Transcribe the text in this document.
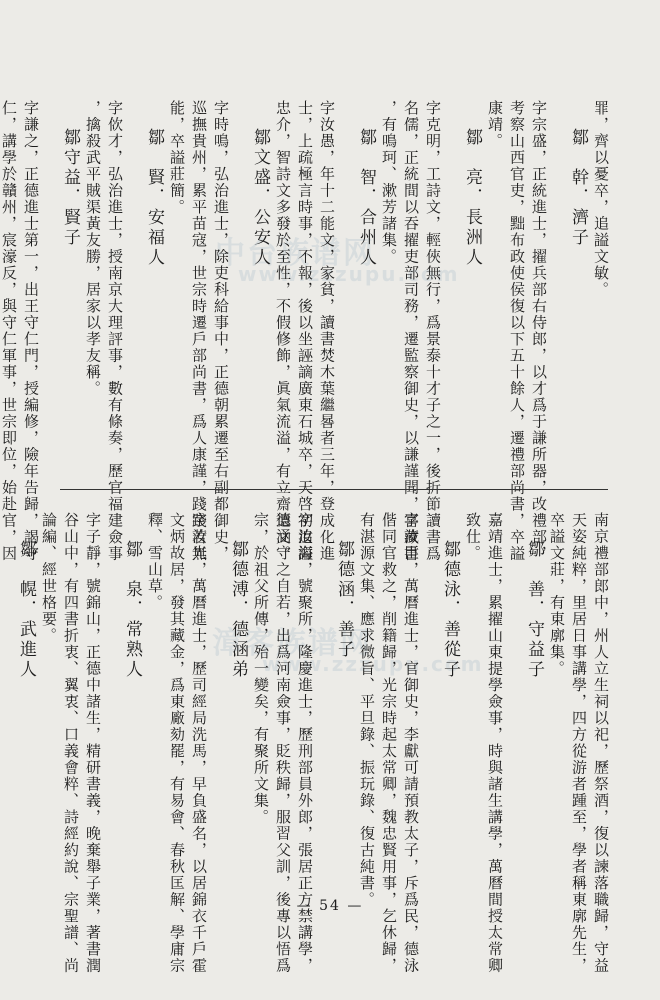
中台族谱网
www.zzzupu.com
漳客族谱网
www.zzzupu.com
罪，齊以憂卒，追謚文敏。
鄒　幹．濟子
字宗盛，正統進士，擢兵部右侍郎，以才爲于謙所器，改禮部，
考察山西官吏，黜布政使侯復以下五十餘人，遷禮部尚書，卒謚
康靖。
鄒　亮．長洲人
字克明，工詩文，輕俠無行，爲景泰十才子之一，後折節讀書爲
名儒，正統間以吞擢吏部司務，遷監察御史，以謙謹聞，喜藏書
，有鳴珂、漱芳諸集。
鄒　智．合州人
字汝愚，年十二能文，家貧，讀書焚木葉繼晷者三年，登成化進
士，上疏極言時事，不報，後以坐誣謫廣東石城卒，天啓初追謚
忠介，智詩文多發於至性，不假修飾，眞氣流溢，有立齋遺文。
鄒文盛．公安人
字時鳴，弘治進士，除吏科給事中，正德朝累遷至右副都御史，
巡撫貴州，累平苗寇，世宗時遷戶部尚書，爲人康謹，踐踐若無
能，卒謚莊簡。
鄒　賢．安福人
字佽才，弘治進士，授南京大理評事，數有條奏，歷官福建僉事
，擒殺武平賊渠黃友勝，居家以孝友稱。
鄒守益．賢子
字謙之，正德進士第一，出王守仁門，授編修，險年告歸，謁守
仁，講學於贛州，宸濠反，與守仁軍事，世宗即位，始赴官，因
南京禮部郎中，州人立生祠以祀，歷祭酒，復以諫落職歸，守益
天姿純粹，里居日事講學，四方從游者踵至，學者稱東廓先生，
卒謚文莊，有東廓集。
鄒　善．守益子
嘉靖進士，累擢山東提學僉事，時與諸生講學，萬曆間授太常卿
致仕。
鄒德泳．善從子
字汝臣，萬曆進士，官御史，李獻可請預教太子，斥爲民，德泳
偕同官救之，削籍歸，光宗時起太常卿，魏忠賢用事，乞休歸，
有湛源文集、應求微旨、平旦錄、振玩錄、復古純書。
鄒德涵．善子
字汝海，號聚所，隆慶進士，歷刑部員外郎，張居正方禁講學，
德涵守之自若，出爲河南僉事，貶秩歸，服習父訓，後專以悟爲
宗，於祖父所傳，殆一變矣，有聚所文集。
鄒德溥．德涵弟
字汝光，萬曆進士，歷司經局洗馬，早負盛名，以居錦衣千戶霍
文炳故居，發其藏金，爲東廠劾罷，有易會、春秋匡解、學庸宗
釋、雪山草。
鄒　泉．常熟人
字子靜，號錦山，正德中諸生，精研書義，晚棄舉子業，著書潤
谷山中，有四書折衷、翼衷、口義會粹、詩經約說、宗聖譜、尚
論編、經世格要。
鄒　幌．武進人
— 54 —
